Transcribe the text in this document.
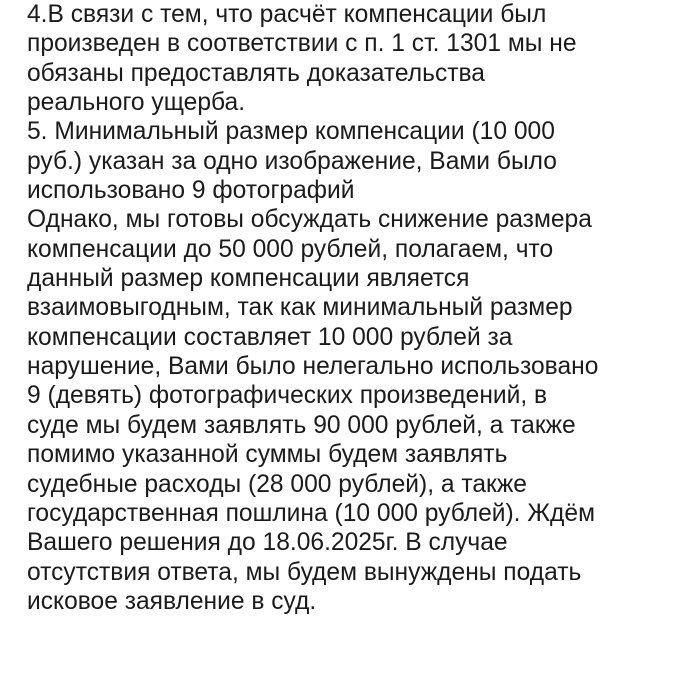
4.В связи с тем, что расчёт компенсации был
произведен в соответствии с п. 1 ст. 1301 мы не
обязаны предоставлять доказательства
реального ущерба.
5. Минимальный размер компенсации (10 000
руб.) указан за одно изображение, Вами было
использовано 9 фотографий
Однако, мы готовы обсуждать снижение размера
компенсации до 50 000 рублей, полагаем, что
данный размер компенсации является
взаимовыгодным, так как минимальный размер
компенсации составляет 10 000 рублей за
нарушение, Вами было нелегально использовано
9 (девять) фотографических произведений, в
суде мы будем заявлять 90 000 рублей, а также
помимо указанной суммы будем заявлять
судебные расходы (28 000 рублей), а также
государственная пошлина (10 000 рублей). Ждём
Вашего решения до 18.06.2025г. В случае
отсутствия ответа, мы будем вынуждены подать
исковое заявление в суд.
